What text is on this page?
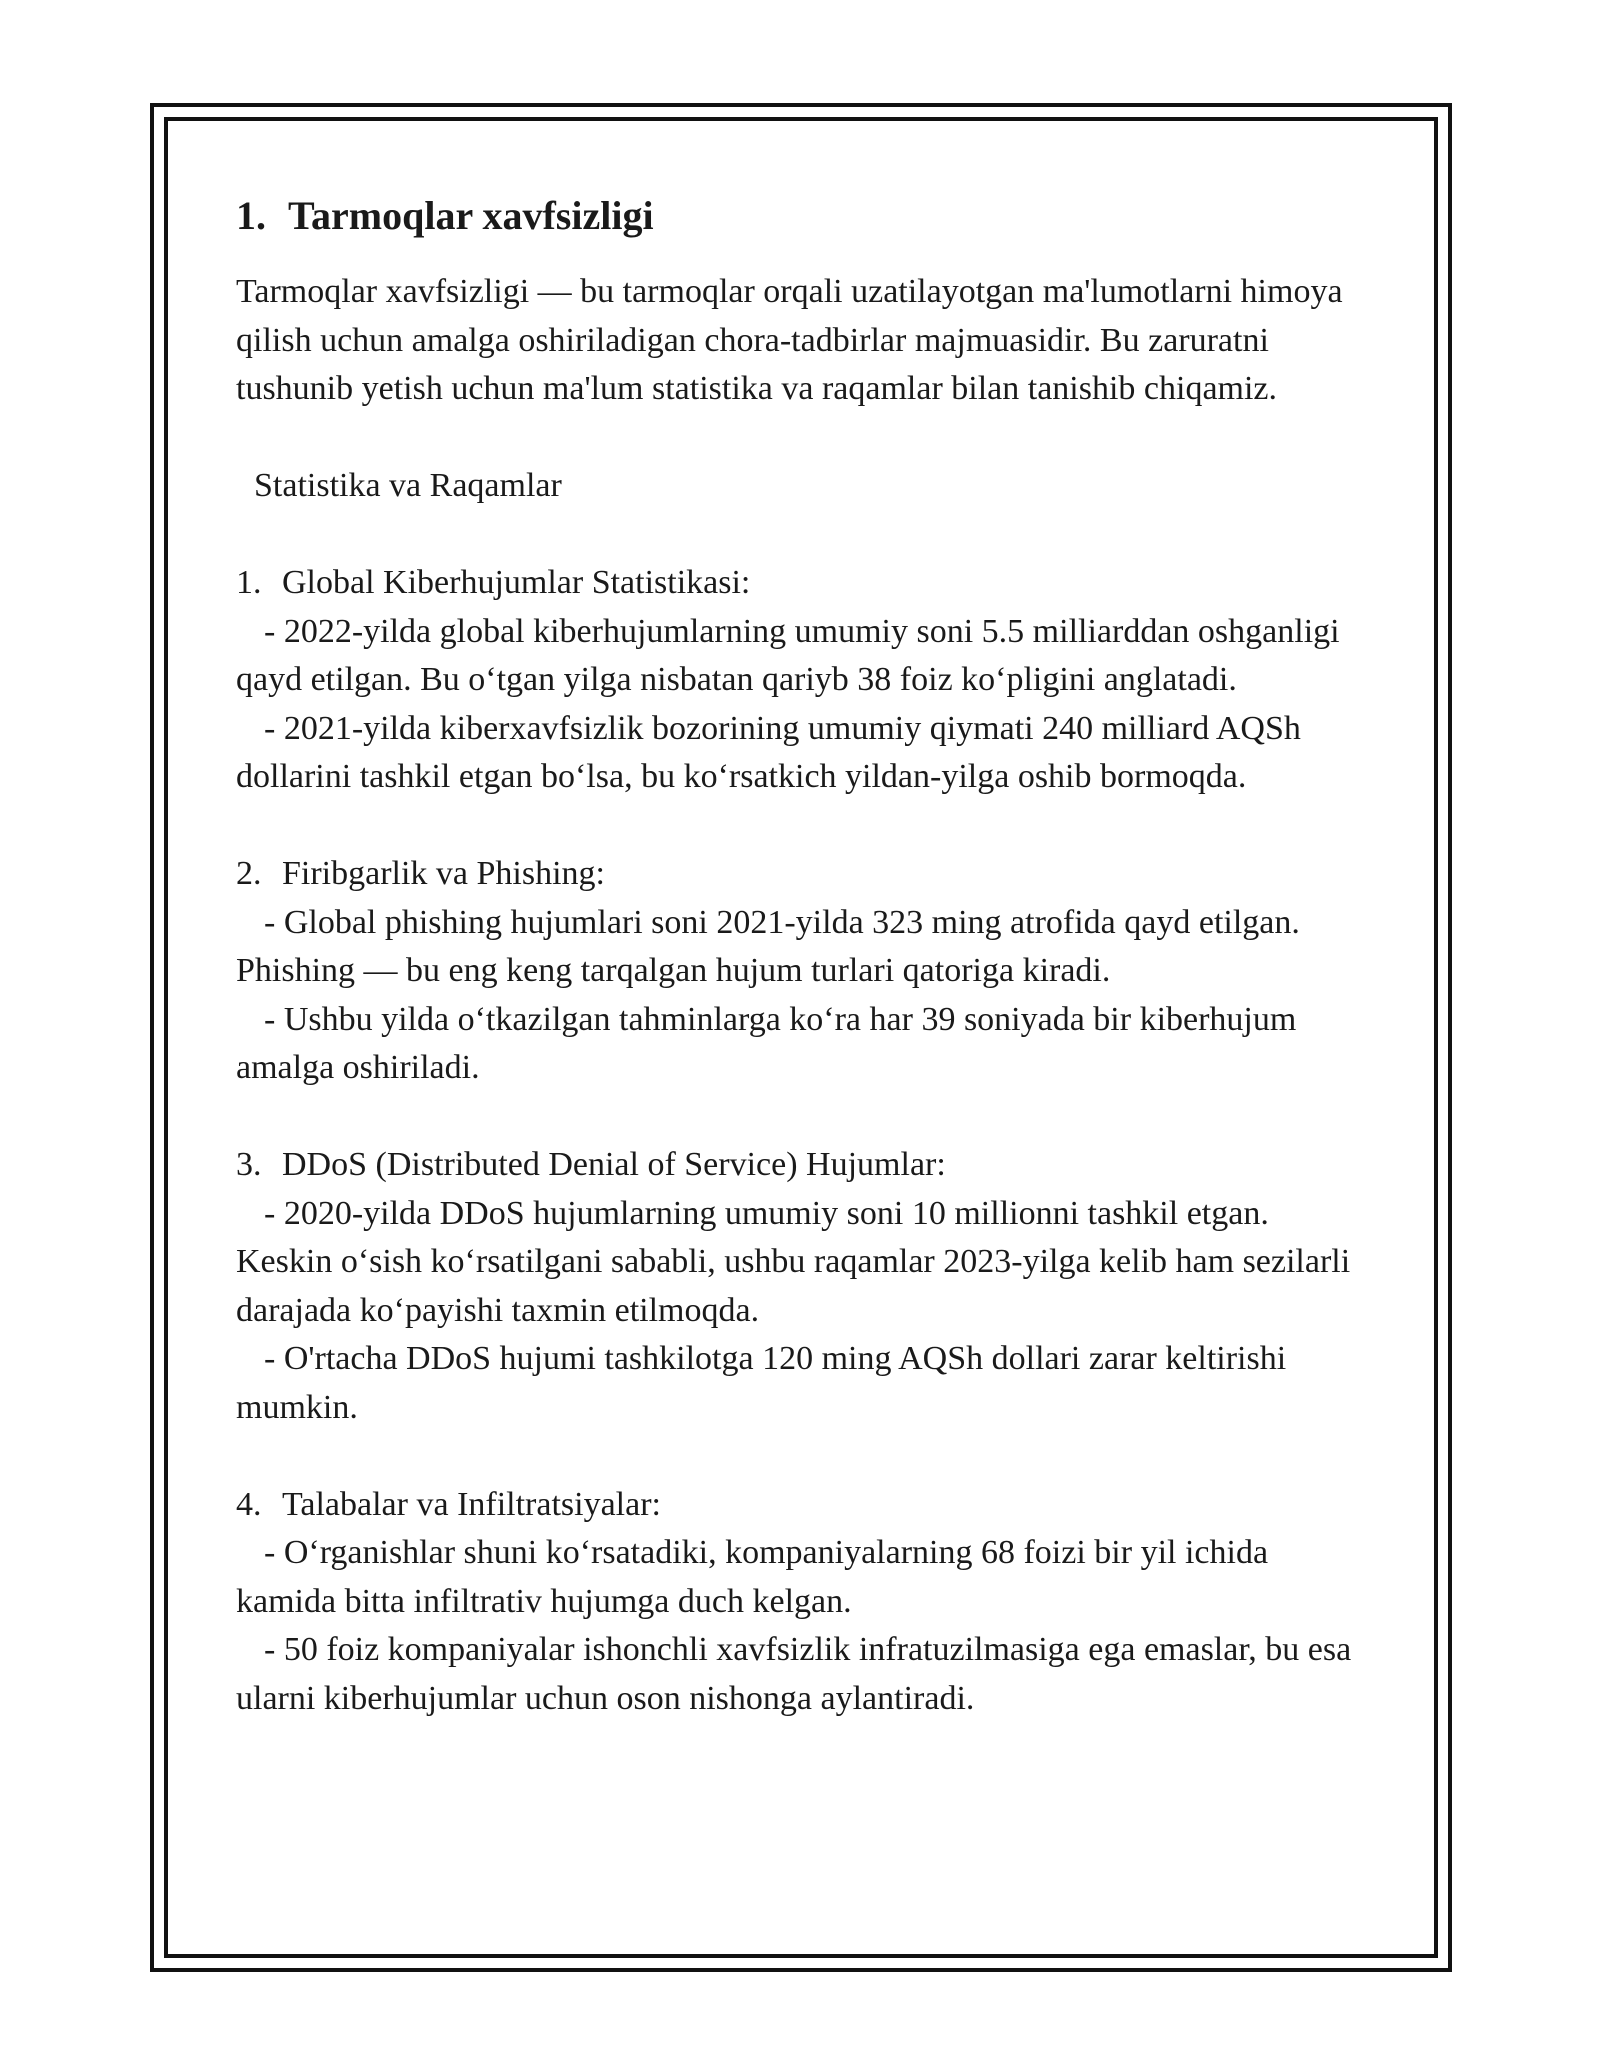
1. Tarmoqlar xavfsizligi

Tarmoqlar xavfsizligi — bu tarmoqlar orqali uzatilayotgan ma'lumotlarni himoya qilish uchun amalga oshiriladigan chora-tadbirlar majmuasidir. Bu zaruratni tushunib yetish uchun ma'lum statistika va raqamlar bilan tanishib chiqamiz.

Statistika va Raqamlar

1. Global Kiberhujumlar Statistikasi:

- 2022-yilda global kiberhujumlarning umumiy soni 5.5 milliarddan oshganligi qayd etilgan. Bu o‘tgan yilga nisbatan qariyb 38 foiz ko‘pligini anglatadi.

- 2021-yilda kiberxavfsizlik bozorining umumiy qiymati 240 milliard AQSh dollarini tashkil etgan bo‘lsa, bu ko‘rsatkich yildan-yilga oshib bormoqda.

2. Firibgarlik va Phishing:

- Global phishing hujumlari soni 2021-yilda 323 ming atrofida qayd etilgan. Phishing — bu eng keng tarqalgan hujum turlari qatoriga kiradi.

- Ushbu yilda o‘tkazilgan tahminlarga ko‘ra har 39 soniyada bir kiberhujum amalga oshiriladi.

3. DDoS (Distributed Denial of Service) Hujumlar:

- 2020-yilda DDoS hujumlarning umumiy soni 10 millionni tashkil etgan. Keskin o‘sish ko‘rsatilgani sababli, ushbu raqamlar 2023-yilga kelib ham sezilarli darajada ko‘payishi taxmin etilmoqda.

- O'rtacha DDoS hujumi tashkilotga 120 ming AQSh dollari zarar keltirishi mumkin.

4. Talabalar va Infiltratsiyalar:

- O‘rganishlar shuni ko‘rsatadiki, kompaniyalarning 68 foizi bir yil ichida kamida bitta infiltrativ hujumga duch kelgan.

- 50 foiz kompaniyalar ishonchli xavfsizlik infratuzilmasiga ega emaslar, bu esa ularni kiberhujumlar uchun oson nishonga aylantiradi.
